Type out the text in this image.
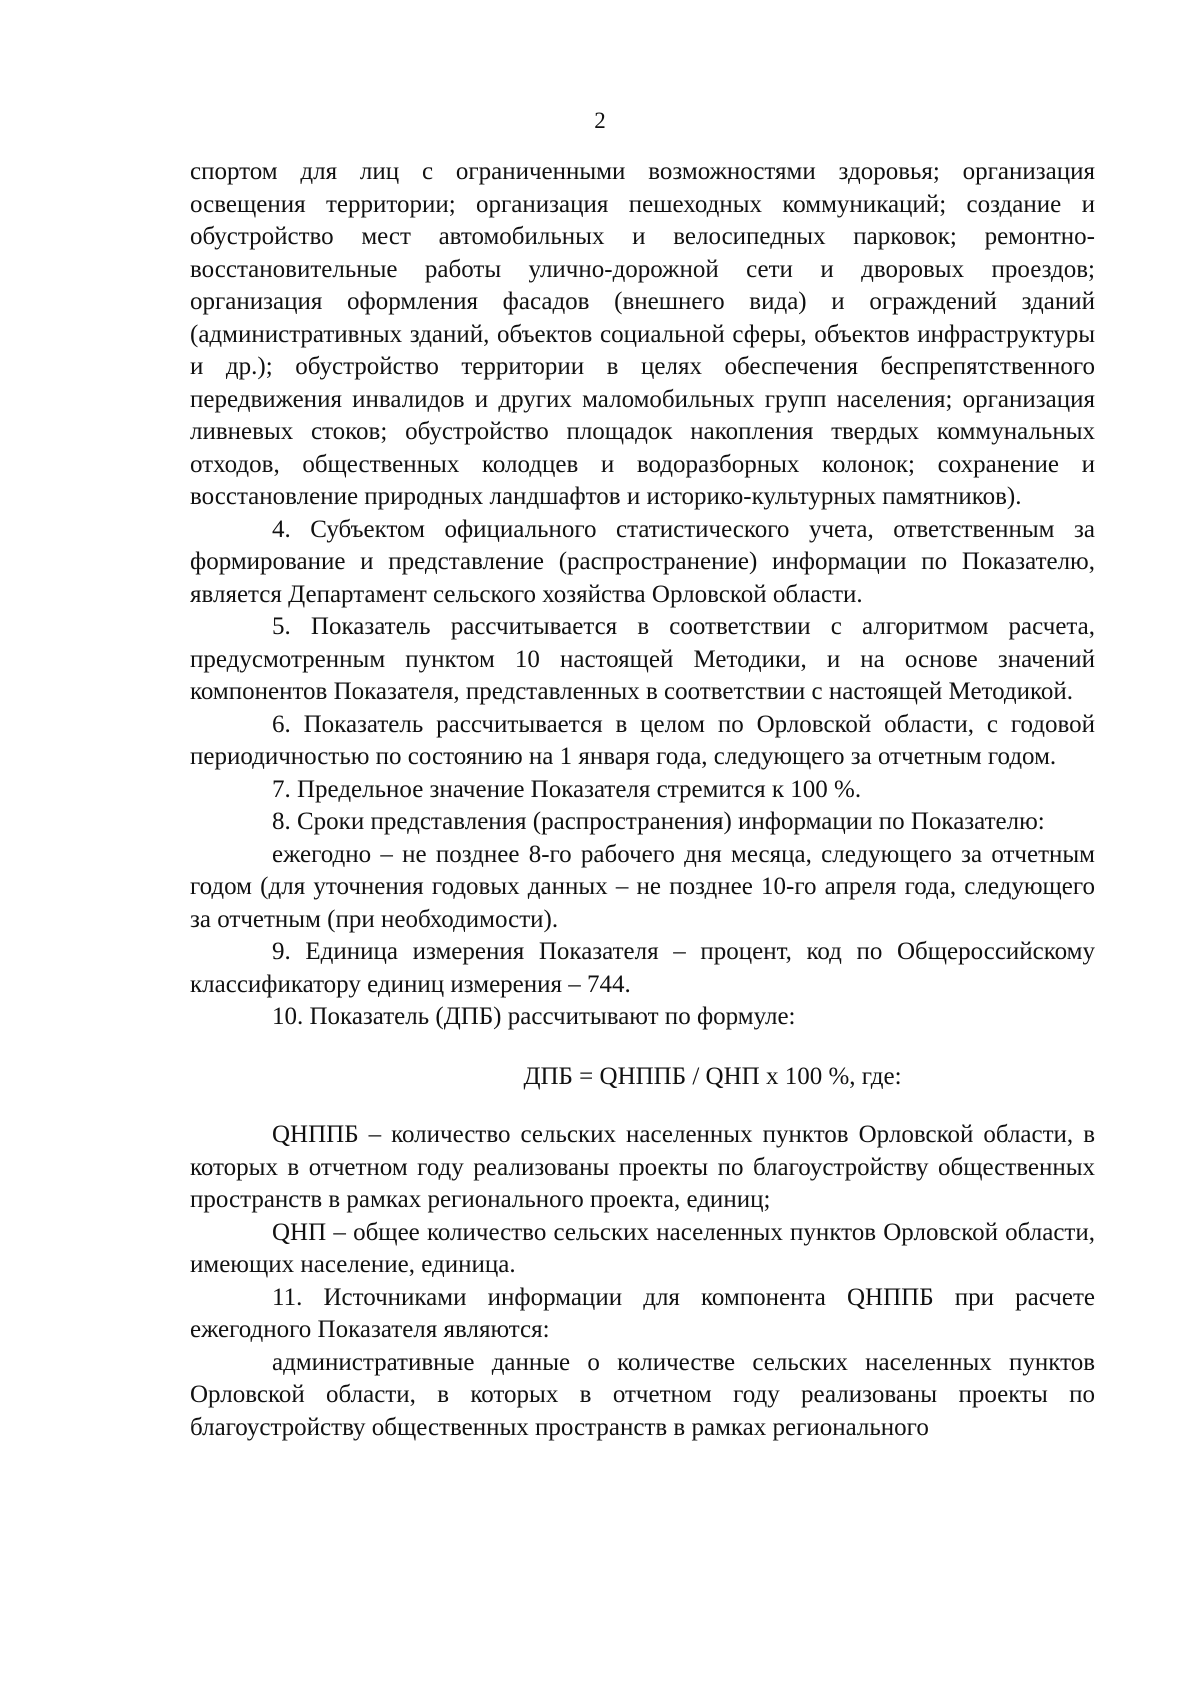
2

спортом для лиц с ограниченными возможностями здоровья; организация освещения территории; организация пешеходных коммуникаций; создание и обустройство мест автомобильных и велосипедных парковок; ремонтно-восстановительные работы улично-дорожной сети и дворовых проездов; организация оформления фасадов (внешнего вида) и ограждений зданий (административных зданий, объектов социальной сферы, объектов инфраструктуры и др.); обустройство территории в целях обеспечения беспрепятственного передвижения инвалидов и других маломобильных групп населения; организация ливневых стоков; обустройство площадок накопления твердых коммунальных отходов, общественных колодцев и водоразборных колонок; сохранение и восстановление природных ландшафтов и историко-культурных памятников).

4. Субъектом официального статистического учета, ответственным за формирование и представление (распространение) информации по Показателю, является Департамент сельского хозяйства Орловской области.

5. Показатель рассчитывается в соответствии с алгоритмом расчета, предусмотренным пунктом 10 настоящей Методики, и на основе значений компонентов Показателя, представленных в соответствии с настоящей Методикой.

6. Показатель рассчитывается в целом по Орловской области, с годовой периодичностью по состоянию на 1 января года, следующего за отчетным годом.

7. Предельное значение Показателя стремится к 100 %.

8. Сроки представления (распространения) информации по Показателю:

ежегодно – не позднее 8-го рабочего дня месяца, следующего за отчетным годом (для уточнения годовых данных – не позднее 10-го апреля года, следующего за отчетным (при необходимости).

9. Единица измерения Показателя – процент, код по Общероссийскому классификатору единиц измерения – 744.

10. Показатель (ДПБ) рассчитывают по формуле:

ДПБ = QНППБ / QНП x 100 %, где:

QНППБ – количество сельских населенных пунктов Орловской области, в которых в отчетном году реализованы проекты по благоустройству общественных пространств в рамках регионального проекта, единиц;

QНП – общее количество сельских населенных пунктов Орловской области, имеющих население, единица.

11. Источниками информации для компонента QНППБ при расчете ежегодного Показателя являются:

административные данные о количестве сельских населенных пунктов Орловской области, в которых в отчетном году реализованы проекты по благоустройству общественных пространств в рамках регионального
